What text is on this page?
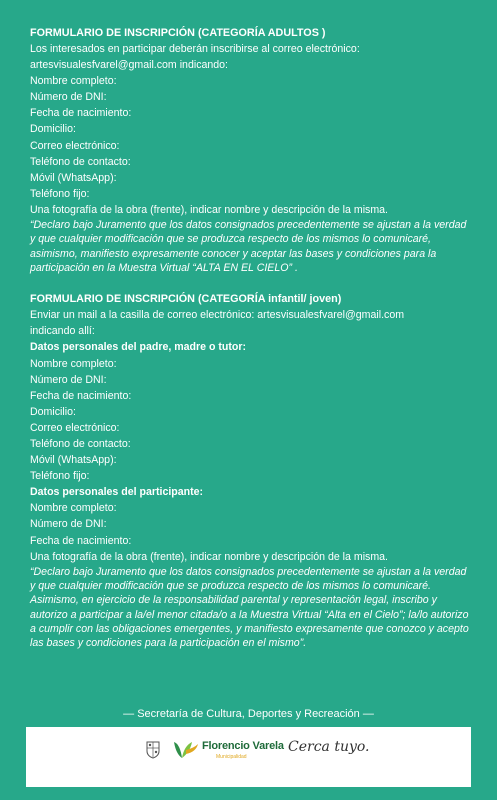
FORMULARIO DE INSCRIPCIÓN (CATEGORÍA ADULTOS )

Los interesados en participar deberán inscribirse al correo electrónico:

artesvisualesfvarel@gmail.com indicando:

Nombre completo:

Número de DNI:

Fecha de nacimiento:

Domicilio:

Correo electrónico:

Teléfono de contacto:

Móvil (WhatsApp):

Teléfono fijo:

Una fotografía de la obra (frente), indicar nombre y descripción de la misma.

“Declaro bajo Juramento que los datos consignados precedentemente se ajustan a la verdad y que cualquier modificación que se produzca respecto de los mismos lo comunicaré, asimismo, manifiesto expresamente conocer y aceptar las bases y condiciones para la participación en la Muestra Virtual “ALTA EN EL CIELO” .

FORMULARIO DE INSCRIPCIÓN (CATEGORÍA infantil/ joven)

Enviar un mail a la casilla de correo electrónico: artesvisualesfvarel@gmail.com

indicando allí:

Datos personales del padre, madre o tutor:

Nombre completo:

Número de DNI:

Fecha de nacimiento:

Domicilio:

Correo electrónico:

Teléfono de contacto:

Móvil (WhatsApp):

Teléfono fijo:

Datos personales del participante:

Nombre completo:

Número de DNI:

Fecha de nacimiento:

Una fotografía de la obra (frente), indicar nombre y descripción de la misma.

“Declaro bajo Juramento que los datos consignados precedentemente se ajustan a la verdad y que cualquier modificación que se produzca respecto de los mismos lo comunicaré. Asimismo, en ejercicio de la responsabilidad parental y representación legal, inscribo y autorizo a participar a la/el menor citada/o a la Muestra Virtual “Alta en el Cielo”; la/lo autorizo a cumplir con las obligaciones emergentes, y manifiesto expresamente que conozco y acepto las bases y condiciones para la participación en el mismo”.

— Secretaría de Cultura, Deportes y Recreación —
Florencio Varela
Municipalidad
Cerca tuyo.
